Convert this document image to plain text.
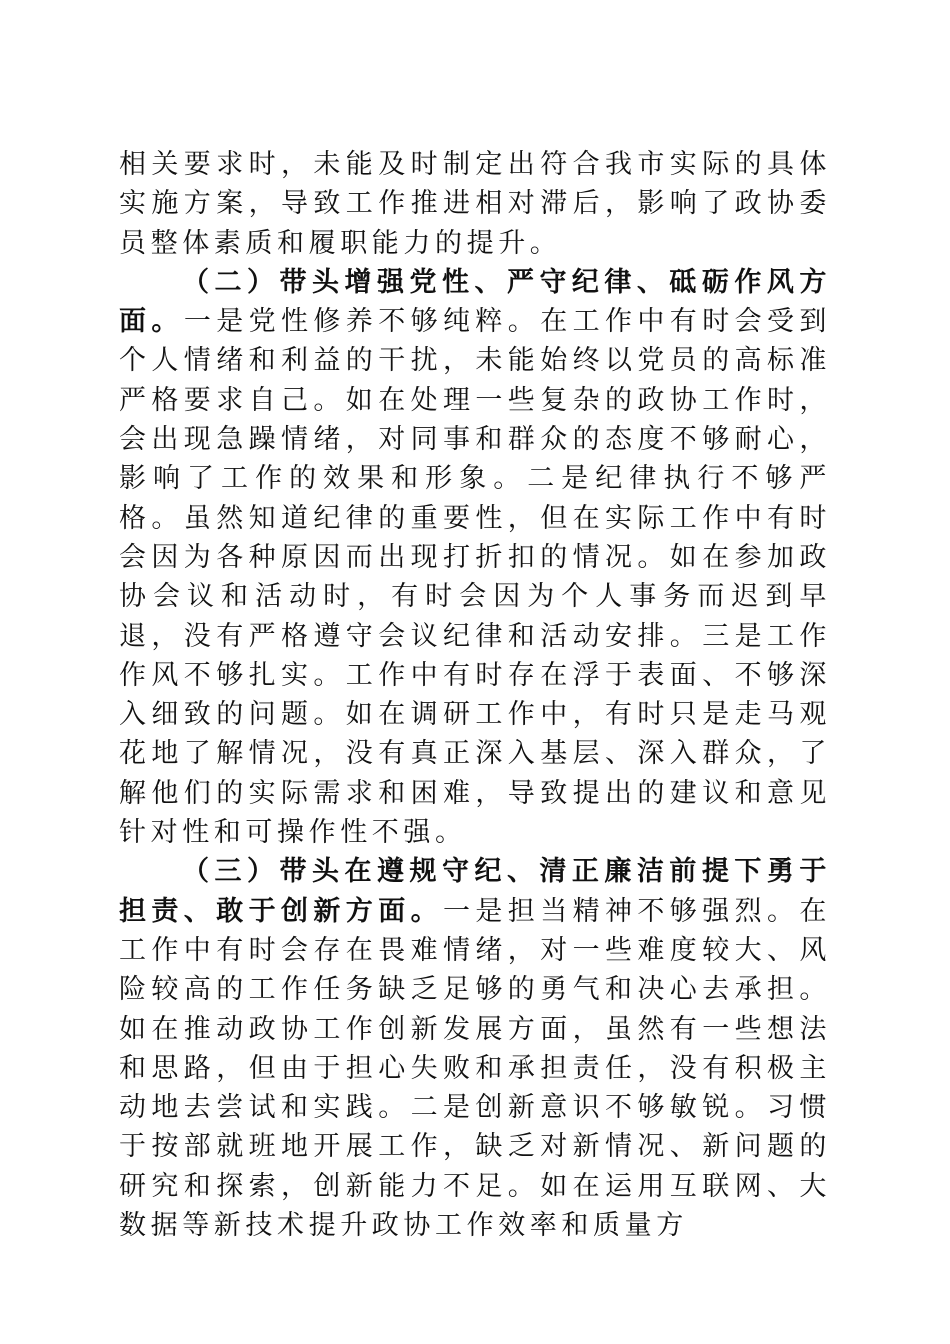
相关要求时，未能及时制定出符合我市实际的具体实施方案，导致工作推进相对滞后，影响了政协委员整体素质和履职能力的提升。

（二）带头增强党性、严守纪律、砥砺作风方面。一是党性修养不够纯粹。在工作中有时会受到个人情绪和利益的干扰，未能始终以党员的高标准严格要求自己。如在处理一些复杂的政协工作时，会出现急躁情绪，对同事和群众的态度不够耐心，影响了工作的效果和形象。二是纪律执行不够严格。虽然知道纪律的重要性，但在实际工作中有时会因为各种原因而出现打折扣的情况。如在参加政协会议和活动时，有时会因为个人事务而迟到早退，没有严格遵守会议纪律和活动安排。三是工作作风不够扎实。工作中有时存在浮于表面、不够深入细致的问题。如在调研工作中，有时只是走马观花地了解情况，没有真正深入基层、深入群众，了解他们的实际需求和困难，导致提出的建议和意见针对性和可操作性不强。

（三）带头在遵规守纪、清正廉洁前提下勇于担责、敢于创新方面。一是担当精神不够强烈。在工作中有时会存在畏难情绪，对一些难度较大、风险较高的工作任务缺乏足够的勇气和决心去承担。如在推动政协工作创新发展方面，虽然有一些想法和思路，但由于担心失败和承担责任，没有积极主动地去尝试和实践。二是创新意识不够敏锐。习惯于按部就班地开展工作，缺乏对新情况、新问题的研究和探索，创新能力不足。如在运用互联网、大数据等新技术提升政协工作效率和质量方
